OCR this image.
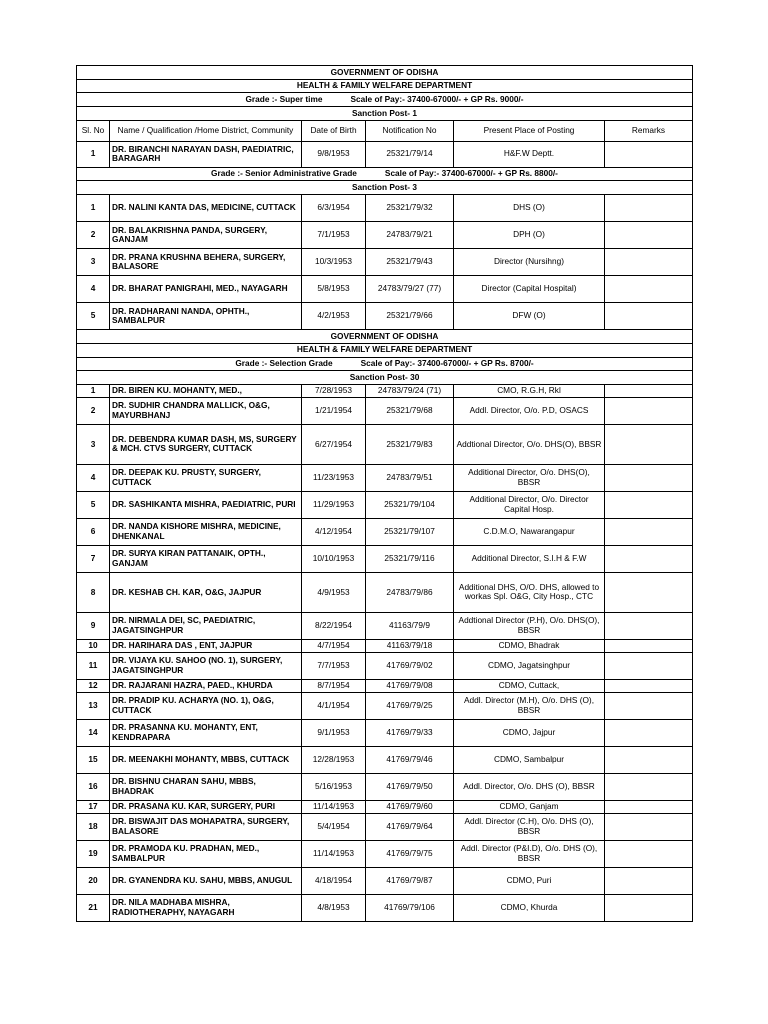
GOVERNMENT OF ODISHA					
HEALTH & FAMILY WELFARE DEPARTMENT					

Grade :- Super time Scale of Pay:- 37400-67000/- + GP Rs. 9000/-					

Sanction Post- 1					
Sl. No	Name / Qualification /Home District, Community	Date of Birth	Notification No	Present Place of Posting	Remarks
1	DR. BIRANCHI NARAYAN DASH, PAEDIATRIC, BARAGARH	9/8/1953	25321/79/14	H&F.W Deptt.	

Grade :- Senior Administrative Grade Scale of Pay:- 37400-67000/- + GP Rs. 8800/-					

Sanction Post- 3					
1	DR. NALINI KANTA DAS, MEDICINE, CUTTACK	6/3/1954	25321/79/32	DHS (O)	
2	DR. BALAKRISHNA PANDA, SURGERY, GANJAM	7/1/1953	24783/79/21	DPH (O)	
3	DR. PRANA KRUSHNA BEHERA, SURGERY, BALASORE	10/3/1953	25321/79/43	Director (Nursihng)	
4	DR. BHARAT PANIGRAHI, MED., NAYAGARH	5/8/1953	24783/79/27 (77)	Director (Capital Hospital)	
5	DR. RADHARANI NANDA, OPHTH., SAMBALPUR	4/2/1953	25321/79/66	DFW (O)	
GOVERNMENT OF ODISHA					
HEALTH & FAMILY WELFARE DEPARTMENT					

Grade :- Selection Grade Scale of Pay:- 37400-67000/- + GP Rs. 8700/-					

Sanction Post- 30					
1	DR. BIREN KU. MOHANTY, MED.,	7/28/1953	24783/79/24 (71)	CMO, R.G.H, Rkl	
2	DR. SUDHIR CHANDRA MALLICK, O&G, MAYURBHANJ	1/21/1954	25321/79/68	Addl. Director, O/o. P.D, OSACS	
3	DR. DEBENDRA KUMAR DASH, MS, SURGERY & MCH. CTVS SURGERY, CUTTACK	6/27/1954	25321/79/83	Addtional Director, O/o. DHS(O), BBSR	
4	DR. DEEPAK KU. PRUSTY, SURGERY, CUTTACK	11/23/1953	24783/79/51	Additional Director, O/o. DHS(O), BBSR	
5	DR. SASHIKANTA MISHRA, PAEDIATRIC, PURI	11/29/1953	25321/79/104	Additional Director, O/o. Director Capital Hosp.	
6	DR. NANDA KISHORE MISHRA, MEDICINE, DHENKANAL	4/12/1954	25321/79/107	C.D.M.O, Nawarangapur	
7	DR. SURYA KIRAN PATTANAIK, OPTH., GANJAM	10/10/1953	25321/79/116	Additional Director, S.I.H & F.W	
8	DR. KESHAB CH. KAR, O&G, JAJPUR	4/9/1953	24783/79/86	Additional DHS, O/O. DHS, allowed to workas Spl. O&G, City Hosp., CTC	
9	DR. NIRMALA DEI, SC, PAEDIATRIC, JAGATSINGHPUR	8/22/1954	41163/79/9	Addtional Director (P.H), O/o. DHS(O), BBSR	
10	DR. HARIHARA DAS , ENT, JAJPUR	4/7/1954	41163/79/18	CDMO, Bhadrak	
11	DR. VIJAYA KU. SAHOO (NO. 1), SURGERY, JAGATSINGHPUR	7/7/1953	41769/79/02	CDMO, Jagatsinghpur	
12	DR. RAJARANI HAZRA, PAED., KHURDA	8/7/1954	41769/79/08	CDMO, Cuttack,	
13	DR. PRADIP KU. ACHARYA (NO. 1), O&G, CUTTACK	4/1/1954	41769/79/25	Addl. Director (M.H), O/o. DHS (O), BBSR	
14	DR. PRASANNA KU. MOHANTY, ENT, KENDRAPARA	9/1/1953	41769/79/33	CDMO, Jajpur	
15	DR. MEENAKHI MOHANTY, MBBS, CUTTACK	12/28/1953	41769/79/46	CDMO, Sambalpur	
16	DR. BISHNU CHARAN SAHU, MBBS, BHADRAK	5/16/1953	41769/79/50	Addl. Director, O/o. DHS (O), BBSR	
17	DR. PRASANA KU. KAR, SURGERY, PURI	11/14/1953	41769/79/60	CDMO, Ganjam	
18	DR. BISWAJIT DAS MOHAPATRA, SURGERY, BALASORE	5/4/1954	41769/79/64	Addl. Director (C.H), O/o. DHS (O), BBSR	
19	DR. PRAMODA KU. PRADHAN, MED., SAMBALPUR	11/14/1953	41769/79/75	Addl. Director (P&I.D), O/o. DHS (O), BBSR	
20	DR. GYANENDRA KU. SAHU, MBBS, ANUGUL	4/18/1954	41769/79/87	CDMO, Puri	
21	DR. NILA MADHABA MISHRA, RADIOTHERAPHY, NAYAGARH	4/8/1953	41769/79/106	CDMO, Khurda	
